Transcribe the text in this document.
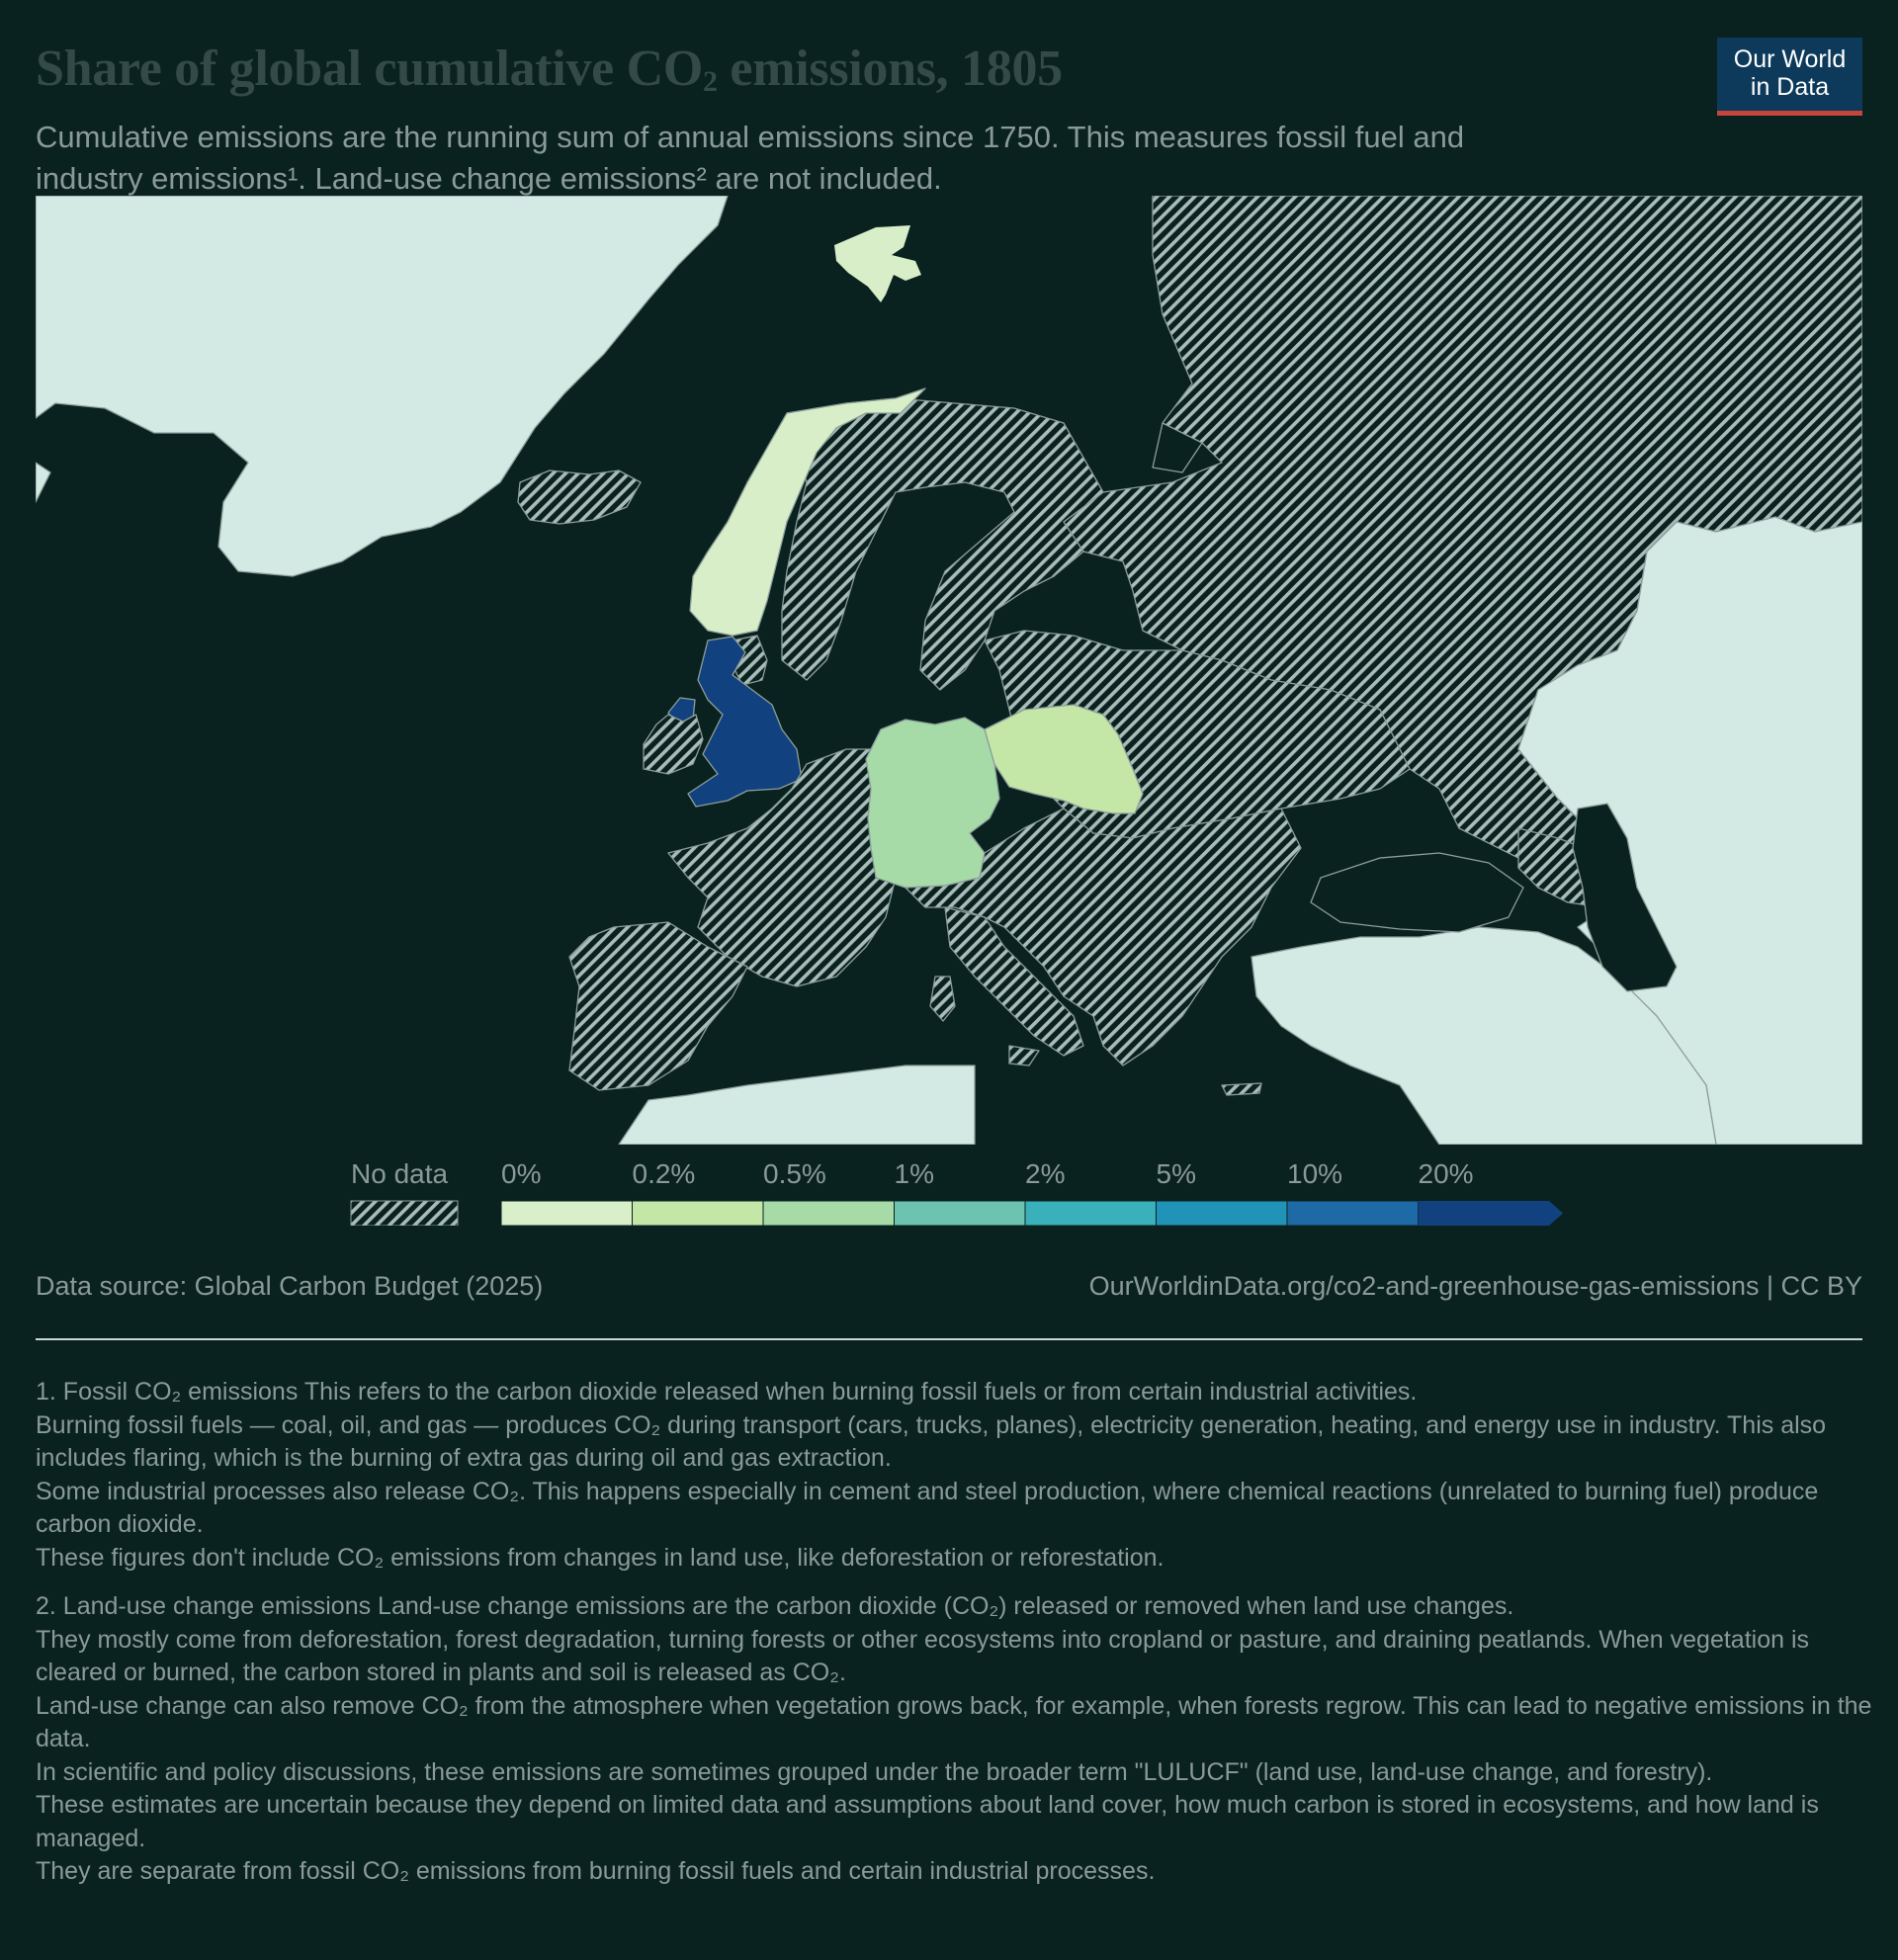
Share of global cumulative $CO_2$ emissions, 1805

Cumulative emissions are the running sum of annual emissions since 1750. This measures fossil fuel and
industry emissions¹. Land-use change emissions² are not included.

Our World
in Data
No data 0%	0.2% 0.5% 1%	2%	5%	10%	20%
Data source: Global Carbon Budget (2025)	OurWorldinData.org/co2-and-greenhouse-gas-emissions | CC BY

1. Fossil CO₂ emissions This refers to the carbon dioxide released when burning fossil fuels or from certain industrial activities.

Burning fossil fuels — coal, oil, and gas — produces CO₂ during transport (cars, trucks, planes), electricity generation, heating, and energy use in industry. This also includes flaring, which is the burning of extra gas during oil and gas extraction.

Some industrial processes also release CO₂. This happens especially in cement and steel production, where chemical reactions (unrelated to burning fuel) produce carbon dioxide.

These figures don't include CO₂ emissions from changes in land use, like deforestation or reforestation.

2. Land-use change emissions Land-use change emissions are the carbon dioxide (CO₂) released or removed when land use changes.

They mostly come from deforestation, forest degradation, turning forests or other ecosystems into cropland or pasture, and draining peatlands. When vegetation is cleared or burned, the carbon stored in plants and soil is released as CO₂.

Land-use change can also remove CO₂ from the atmosphere when vegetation grows back, for example, when forests regrow. This can lead to negative emissions in the data.

In scientific and policy discussions, these emissions are sometimes grouped under the broader term "LULUCF" (land use, land-use change, and forestry).

These estimates are uncertain because they depend on limited data and assumptions about land cover, how much carbon is stored in ecosystems, and how land is managed.

They are separate from fossil CO₂ emissions from burning fossil fuels and certain industrial processes.
